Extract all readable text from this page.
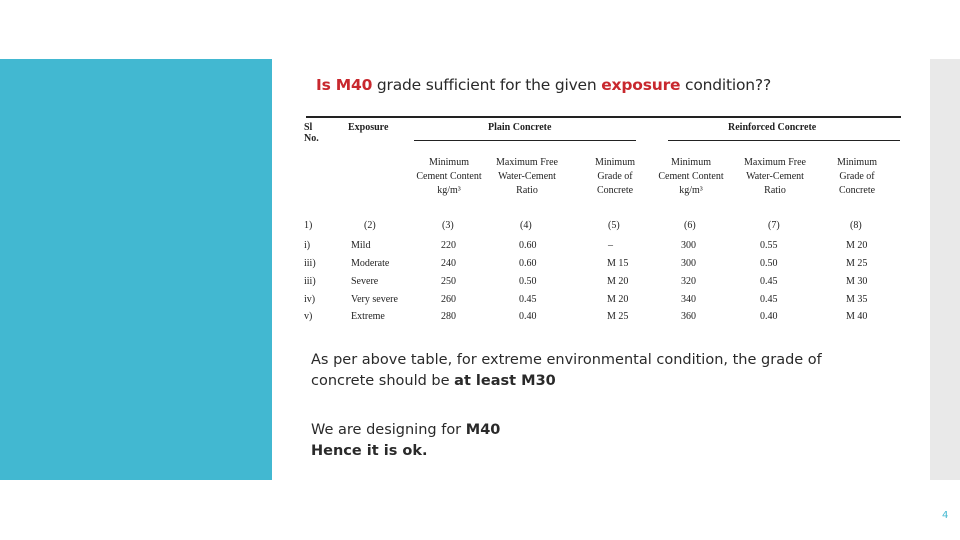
Is M40 grade sufficient for the given exposure condition??
Sl
No.
Exposure	Plain Concrete	Reinforced Concrete
Minimum Cement Content kg/m³
Maximum Free Water-Cement Ratio
Minimum Grade of Concrete
Minimum Cement Content kg/m³
Maximum Free Water-Cement Ratio
Minimum Grade of Concrete
1)	(2)	(3)	(4)	(5)	(6)	(7)	(8)
i)	Mild	220	0.60	–	300	0.55	M 20
iii)	Moderate	240	0.60	M 15	300	0.50	M 25
iii)	Severe	250	0.50	M 20	320	0.45	M 30
iv)	Very severe	260	0.45	M 20	340	0.45	M 35
v)	Extreme	280	0.40	M 25	360	0.40	M 40
As per above table, for extreme environmental condition, the grade of
concrete should be at least M30
We are designing for M40
Hence it is ok.
4
